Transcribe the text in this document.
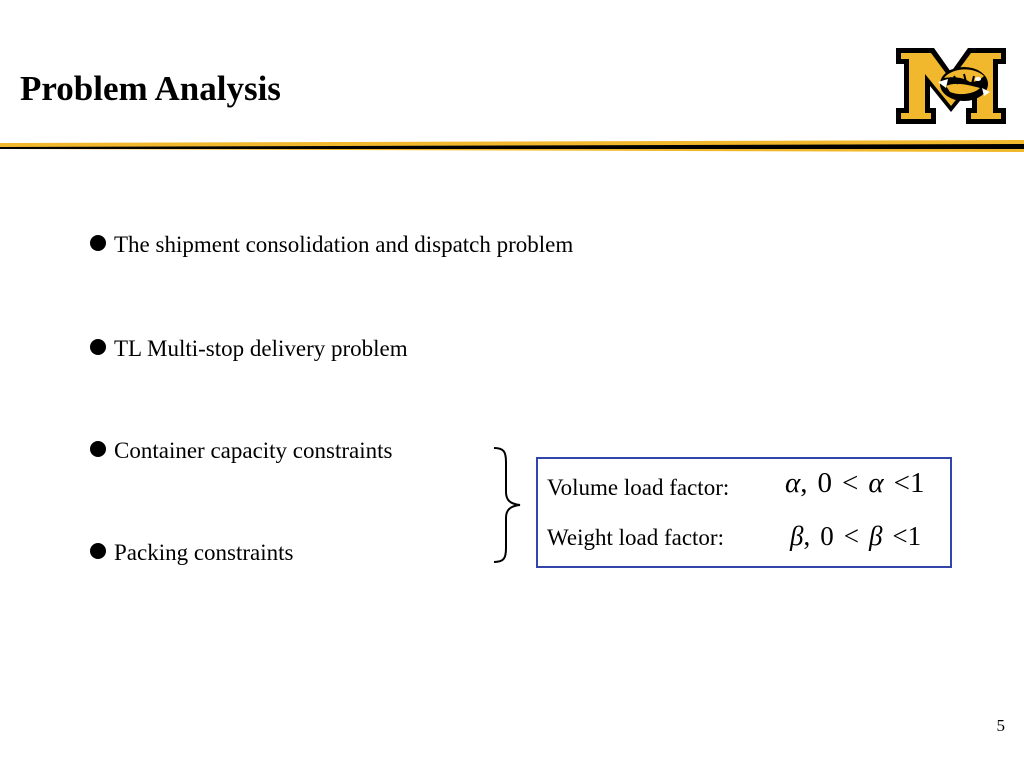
Problem Analysis
The shipment consolidation and dispatch problem
TL Multi-stop delivery problem
Container capacity constraints
Packing constraints
Volume load factor: α, 0 < α <1
Weight load factor: β, 0 < β <1
5
